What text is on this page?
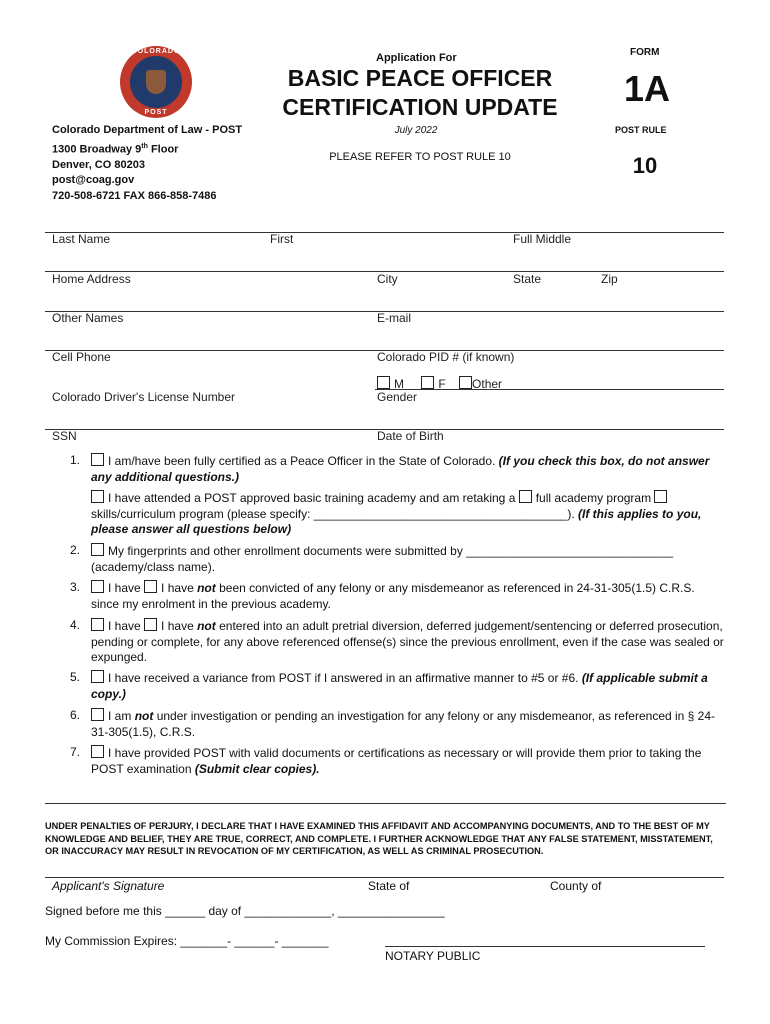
COLORADO
POST
Colorado Department of Law - POST
1300 Broadway 9th Floor
Denver, CO 80203
post@coag.gov
720-508-6721 FAX 866-858-7486
Application For
BASIC PEACE OFFICER
CERTIFICATION UPDATE
July 2022
PLEASE REFER TO POST RULE 10
FORM
1A
POST RULE
10
Last Name	First	Full Middle
Home Address	City	State	Zip
Other Names	E-mail
Cell Phone	Colorado PID # (if known)
M	F Other
Colorado Driver's License Number	Gender
SSN	Date of Birth
1.	I am/have been fully certified as a Peace Officer in the State of Colorado. (If you check this box, do not answer any additional questions.)
I have attended a POST approved basic training academy and am retaking a full academy program  skills/curriculum program (please specify: ______________________________________). (If this applies to you, please answer all questions below)
2.	My fingerprints and other enrollment documents were submitted by _______________________________ (academy/class name).
3.	I have I have not been convicted of any felony or any misdemeanor as referenced in 24-31-305(1.5) C.R.S. since my enrolment in the previous academy.
4.	I have I have not entered into an adult pretrial diversion, deferred judgement/sentencing or deferred prosecution, pending or complete, for any above referenced offense(s) since the previous enrollment, even if the case was sealed or expunged.
5.	I have received a variance from POST if I answered in an affirmative manner to #5 or #6. (If applicable submit a copy.)
6.	I am not under investigation or pending an investigation for any felony or any misdemeanor, as referenced in § 24-31-305(1.5), C.R.S.
7.	I have provided POST with valid documents or certifications as necessary or will provide them prior to taking the POST examination (Submit clear copies).
UNDER PENALTIES OF PERJURY, I DECLARE THAT I HAVE EXAMINED THIS AFFIDAVIT AND ACCOMPANYING DOCUMENTS, AND TO THE BEST OF MY KNOWLEDGE AND BELIEF, THEY ARE TRUE, CORRECT, AND COMPLETE. I FURTHER ACKNOWLEDGE THAT ANY FALSE STATEMENT, MISSTATEMENT, OR INACCURACY MAY RESULT IN REVOCATION OF MY CERTIFICATION, AS WELL AS CRIMINAL PROSECUTION.
Applicant's Signature	State of	County of
Signed before me this ______ day of _____________, ________________
My Commission Expires: _______- ______- _______
NOTARY PUBLIC
